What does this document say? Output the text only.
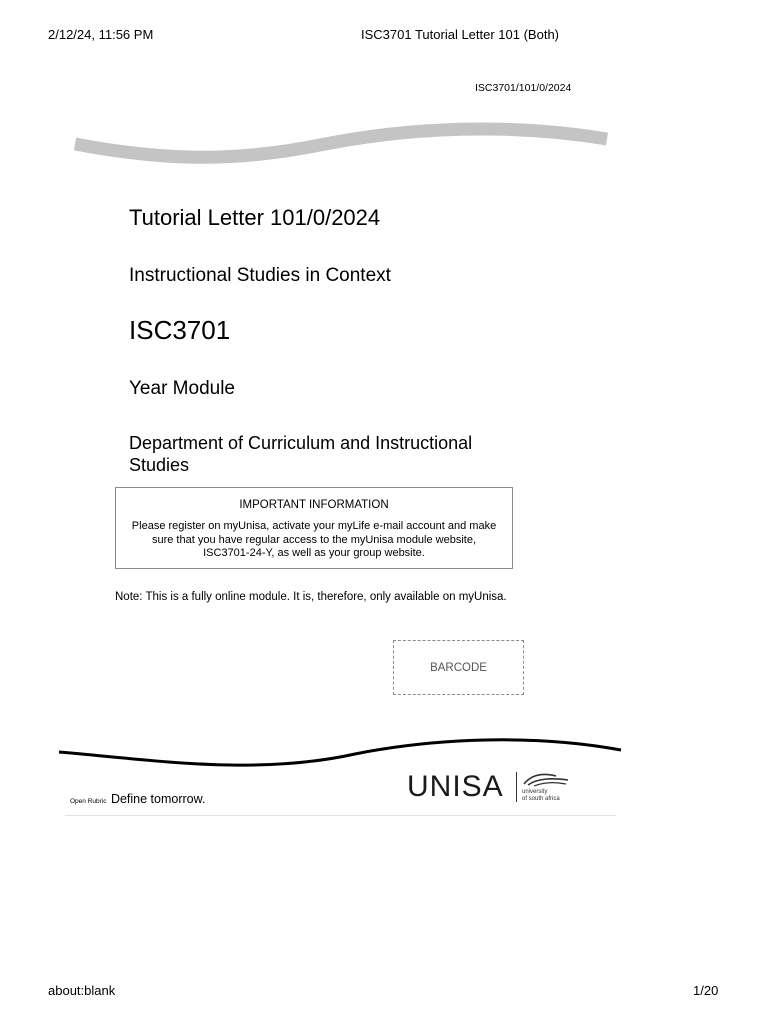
2/12/24, 11:56 PM	ISC3701 Tutorial Letter 101 (Both)
ISC3701/101/0/2024
Tutorial Letter 101/0/2024
Instructional Studies in Context
ISC3701
Year Module
Department of Curriculum and Instructional Studies
IMPORTANT INFORMATION
Please register on myUnisa, activate your myLife e-mail account and make sure that you have regular access to the myUnisa module website, ISC3701-24-Y, as well as your group website.
Note: This is a fully online module. It is, therefore, only available on myUnisa.
BARCODE
Open Rubric Define tomorrow.	UNISA	university
of south africa
about:blank	1/20
